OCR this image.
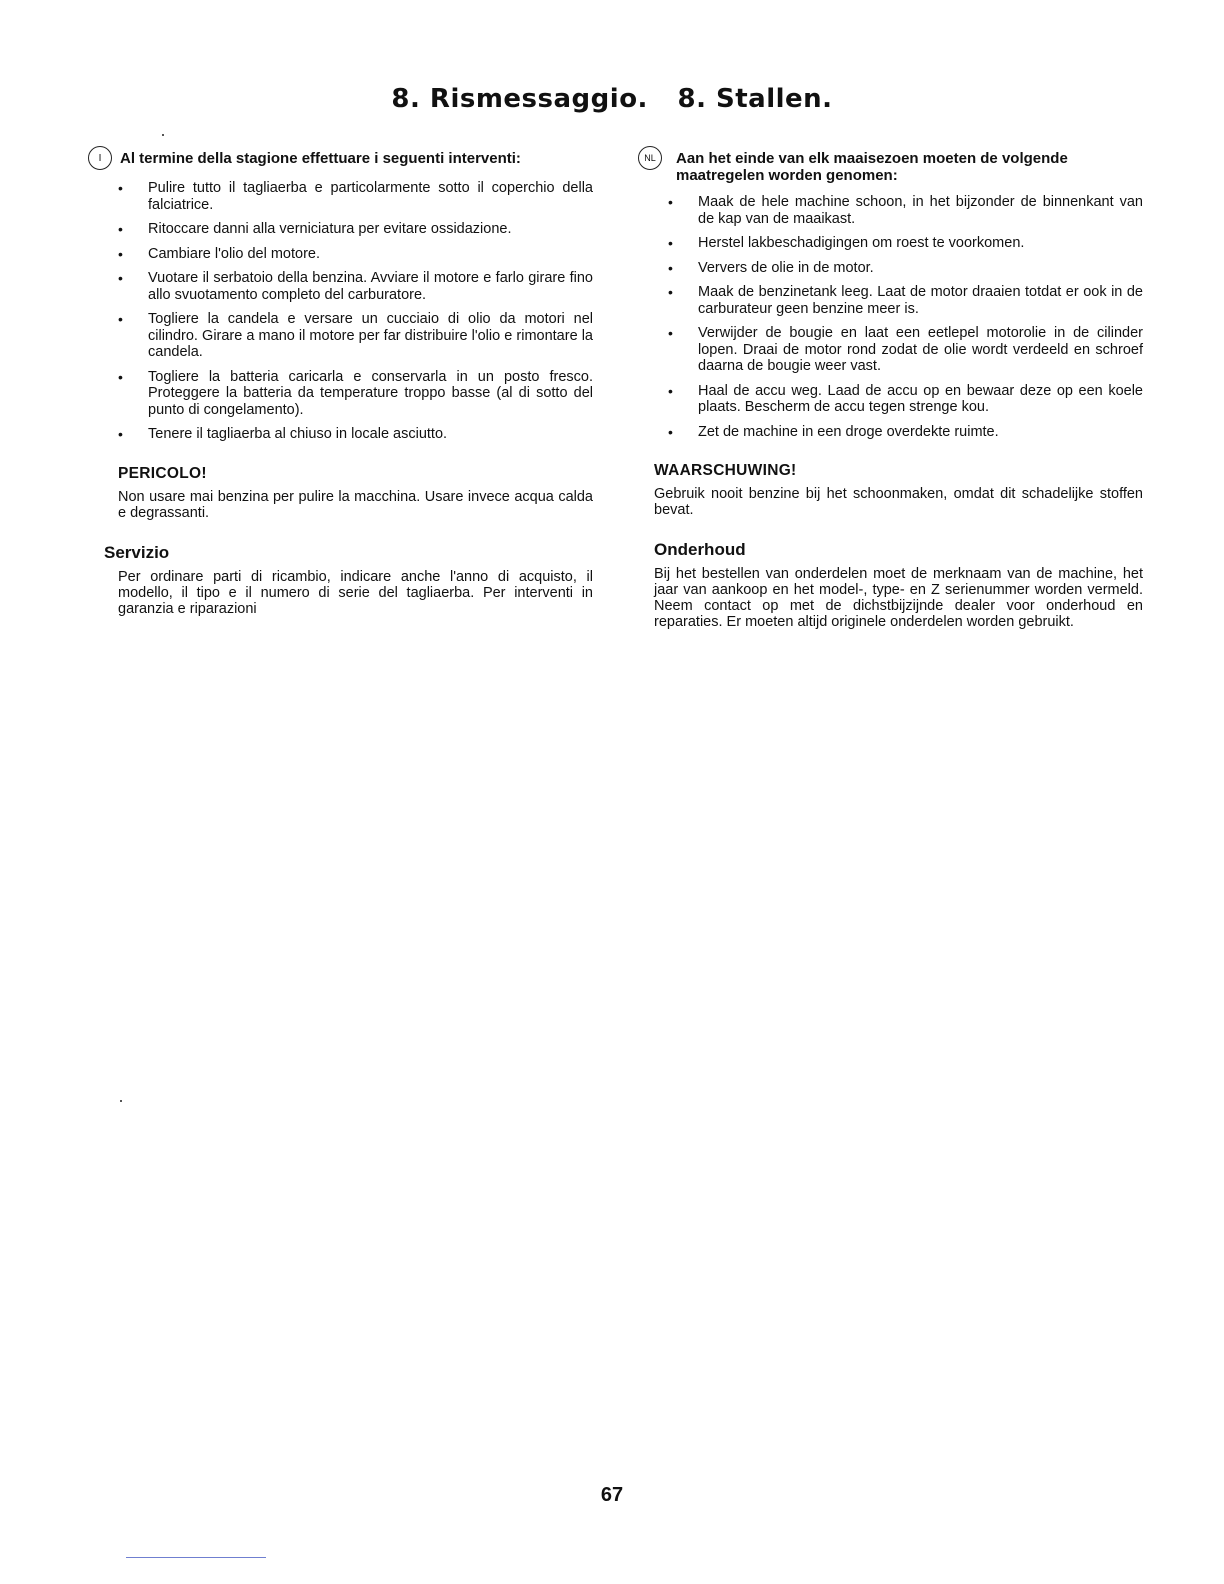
8. Rismessaggio. 8. Stallen.
I	Al termine della stagione effettuare i seguenti interventi:
• Pulire tutto il tagliaerba e particolarmente sotto il coperchio della falciatrice.
• Ritoccare danni alla verniciatura per evitare ossidazione.
• Cambiare l'olio del motore.
• Vuotare il serbatoio della benzina. Avviare il motore e farlo girare fino allo svuotamento completo del carburatore.
• Togliere la candela e versare un cucciaio di olio da motori nel cilindro. Girare a mano il motore per far distribuire l'olio e rimontare la candela.
• Togliere la batteria caricarla e conservarla in un posto fresco. Proteggere la batteria da temperature troppo basse (al di sotto del punto di congelamento).
• Tenere il tagliaerba al chiuso in locale asciutto.
PERICOLO!

Non usare mai benzina per pulire la macchina. Usare invece acqua calda e degrassanti.

Servizio

Per ordinare parti di ricambio, indicare anche l'anno di acquisto, il modello, il tipo e il numero di serie del tagliaerba. Per interventi in garanzia e riparazioni

NL	Aan het einde van elk maaisezoen moeten de volgende maatregelen worden genomen:
• Maak de hele machine schoon, in het bijzonder de binnenkant van de kap van de maaikast.
• Herstel lakbeschadigingen om roest te voorkomen.
• Ververs de olie in de motor.
• Maak de benzinetank leeg. Laat de motor draaien totdat er ook in de carburateur geen benzine meer is.
• Verwijder de bougie en laat een eetlepel motorolie in de cilinder lopen. Draai de motor rond zodat de olie wordt verdeeld en schroef daarna de bougie weer vast.
• Haal de accu weg. Laad de accu op en bewaar deze op een koele plaats. Bescherm de accu tegen strenge kou.
• Zet de machine in een droge overdekte ruimte.
WAARSCHUWING!

Gebruik nooit benzine bij het schoonmaken, omdat dit schadelijke stoffen bevat.

Onderhoud

Bij het bestellen van onderdelen moet de merknaam van de machine, het jaar van aankoop en het model-, type- en Z serienummer worden vermeld. Neem contact op met de dichstbijzijnde dealer voor onderhoud en reparaties. Er moeten altijd originele onderdelen worden gebruikt.

67
